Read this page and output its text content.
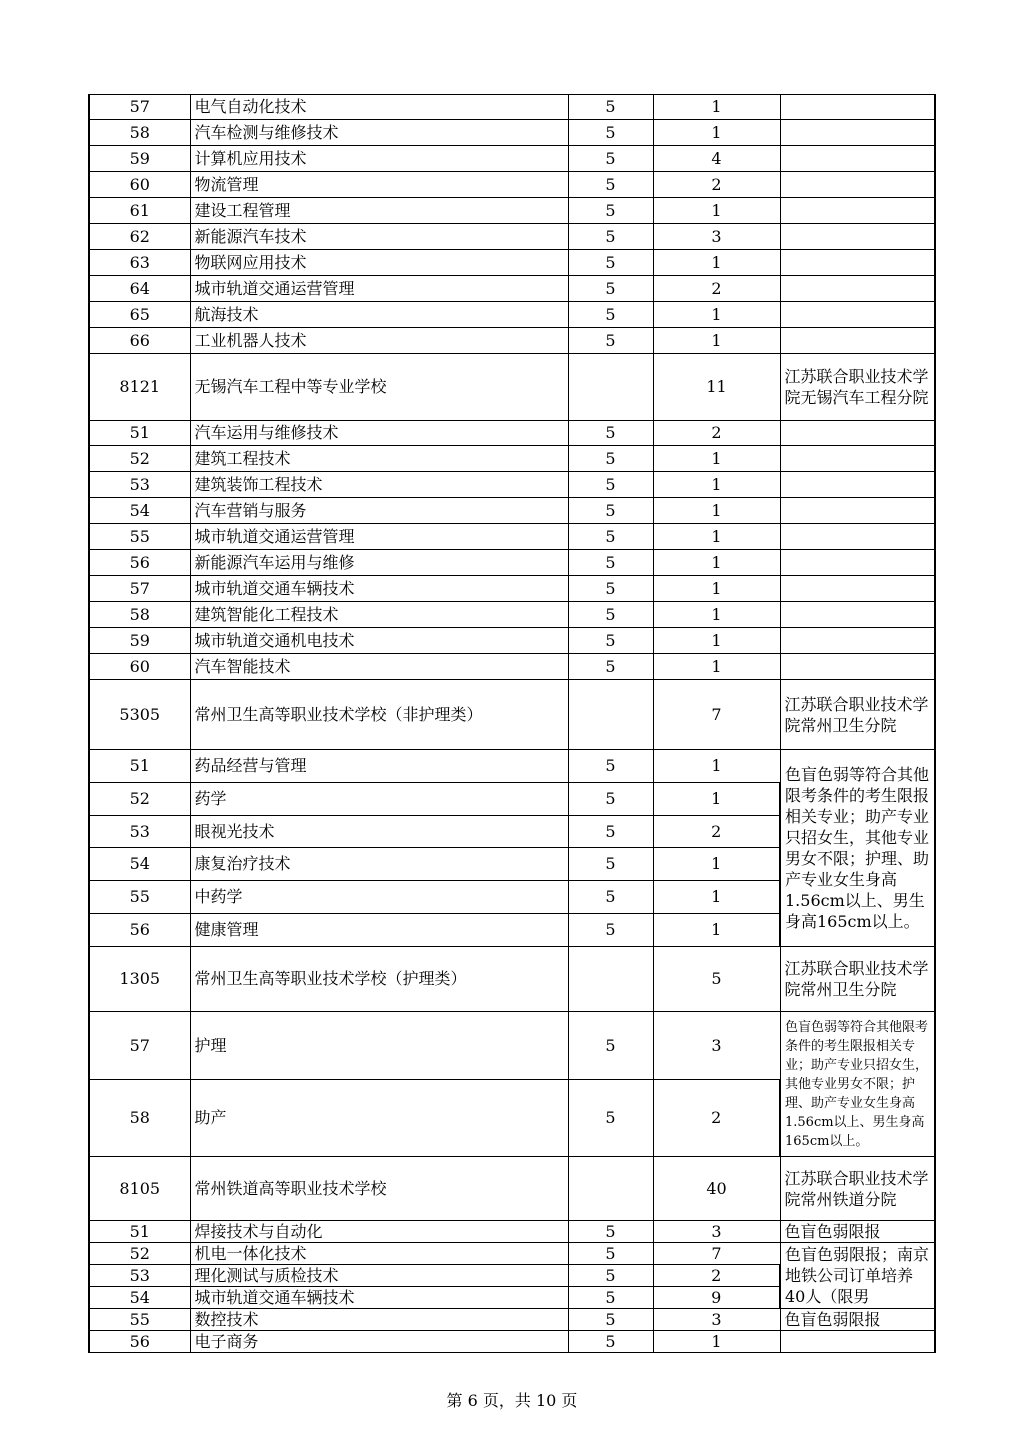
57	电气自动化技术	5	1	
58	汽车检测与维修技术	5	1	
59	计算机应用技术	5	4	
60	物流管理	5	2	
61	建设工程管理	5	1	
62	新能源汽车技术	5	3	
63	物联网应用技术	5	1	
64	城市轨道交通运营管理	5	2	
65	航海技术	5	1	
66	工业机器人技术	5	1	
8121	无锡汽车工程中等专业学校		11	江苏联合职业技术学院无锡汽车工程分院
51	汽车运用与维修技术	5	2	
52	建筑工程技术	5	1	
53	建筑装饰工程技术	5	1	
54	汽车营销与服务	5	1	
55	城市轨道交通运营管理	5	1	
56	新能源汽车运用与维修	5	1	
57	城市轨道交通车辆技术	5	1	
58	建筑智能化工程技术	5	1	
59	城市轨道交通机电技术	5	1	
60	汽车智能技术	5	1	
5305	常州卫生高等职业技术学校（非护理类）		7	江苏联合职业技术学院常州卫生分院
51	药品经营与管理	5	1	色盲色弱等符合其他限考条件的考生限报相关专业；助产专业只招女生，其他专业男女不限；护理、助产专业女生身高1.56cm以上、男生身高165cm以上。
52	药学	5	1	
53	眼视光技术	5	2	
54	康复治疗技术	5	1	
55	中药学	5	1	
56	健康管理	5	1	
1305	常州卫生高等职业技术学校（护理类）		5	江苏联合职业技术学院常州卫生分院
57	护理	5	3	色盲色弱等符合其他限考条件的考生限报相关专业；助产专业只招女生，其他专业男女不限；护理、助产专业女生身高1.56cm以上、男生身高165cm以上。
58	助产	5	2	
8105	常州铁道高等职业技术学校		40	江苏联合职业技术学院常州铁道分院
51	焊接技术与自动化	5	3	色盲色弱限报
52	机电一体化技术	5	7	色盲色弱限报；南京地铁公司订单培养40人（限男
53	理化测试与质检技术	5	2	
54	城市轨道交通车辆技术	5	9	
55	数控技术	5	3	色盲色弱限报
56	电子商务	5	1	
第 6 页，共 10 页
